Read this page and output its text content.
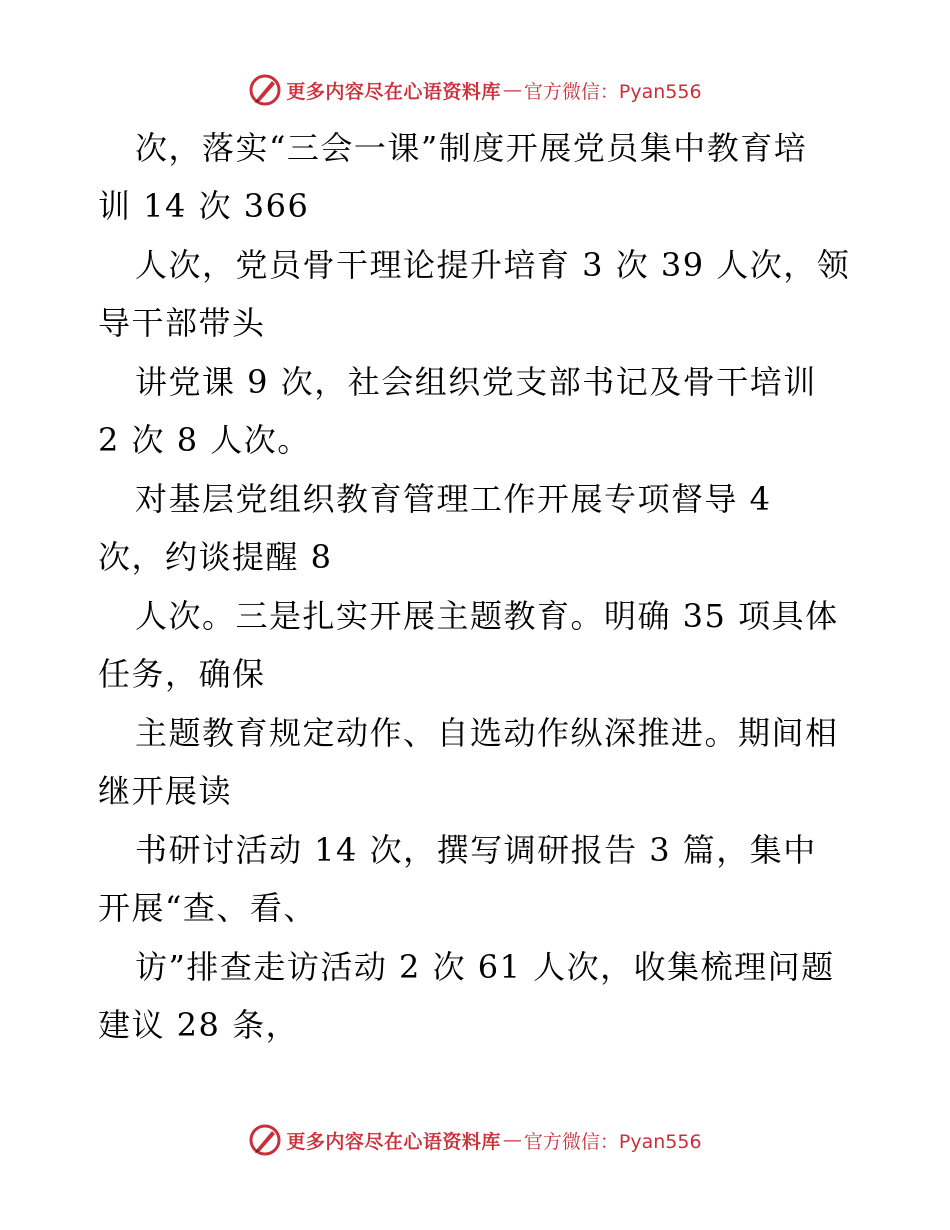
更多内容尽在心语资料库 — 官方微信：Pyan556
次，落实“三会一课”制度开展党员集中教育培
训 14 次 366
人次，党员骨干理论提升培育 3 次 39 人次，领
导干部带头
讲党课 9 次，社会组织党支部书记及骨干培训
2 次 8 人次。
对基层党组织教育管理工作开展专项督导 4
次，约谈提醒 8
人次。三是扎实开展主题教育。明确 35 项具体
任务，确保
主题教育规定动作、自选动作纵深推进。期间相
继开展读
书研讨活动 14 次，撰写调研报告 3 篇，集中
开展“查、看、
访”排查走访活动 2 次 61 人次，收集梳理问题
建议 28 条，
更多内容尽在心语资料库 — 官方微信：Pyan556
